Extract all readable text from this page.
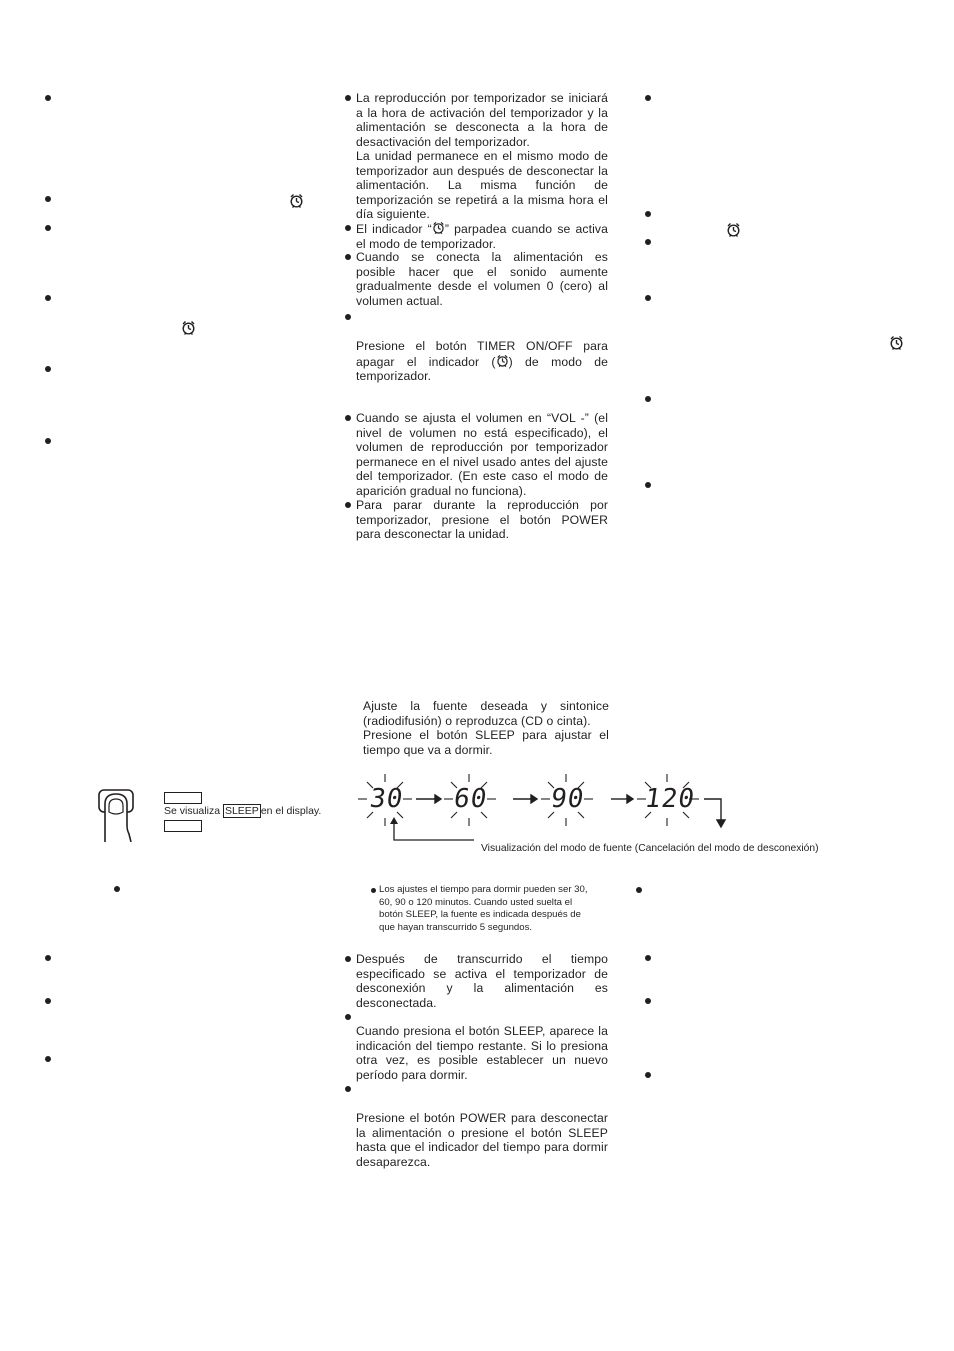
La reproducción por temporizador se iniciará a la hora de activación del temporizador y la alimentación se desconecta a la hora de desactivación del temporizador.
La unidad permanece en el mismo modo de temporizador aun después de desconectar la alimentación. La misma función de temporización se repetirá a la misma hora el día siguiente.
El indicador “ ” parpadea cuando se activa el modo de temporizador.
Cuando se conecta la alimentación es posible hacer que el sonido aumente gradualmente desde el volumen 0 (cero) al volumen actual.
Presione el botón TIMER ON/OFF para apagar el indicador ( ) de modo de temporizador.
Cuando se ajusta el volumen en “VOL -” (el nivel de volumen no está especificado), el volumen de reproducción por temporizador permanece en el nivel usado antes del ajuste del temporizador. (En este caso el modo de aparición gradual no funciona).
Para parar durante la reproducción por temporizador, presione el botón POWER para desconectar la unidad.
Ajuste la fuente deseada y sintonice (radiodifusión) o reproduzca (CD o cinta).
Presione el botón SLEEP para ajustar el tiempo que va a dormir.
Se visualiza SLEEP en el display.	30 60 90 120
Visualización del modo de fuente (Cancelación del modo de desconexión)
Los ajustes el tiempo para dormir pueden ser 30, 60, 90 o 120 minutos. Cuando usted suelta el botón SLEEP, la fuente es indicada después de que hayan transcurrido 5 segundos.
Después de transcurrido el tiempo especificado se activa el temporizador de desconexión y la alimentación es desconectada.
Cuando presiona el botón SLEEP, aparece la indicación del tiempo restante. Si lo presiona otra vez, es posible establecer un nuevo período para dormir.
Presione el botón POWER para desconectar la alimentación o presione el botón SLEEP hasta que el indicador del tiempo para dormir desaparezca.
